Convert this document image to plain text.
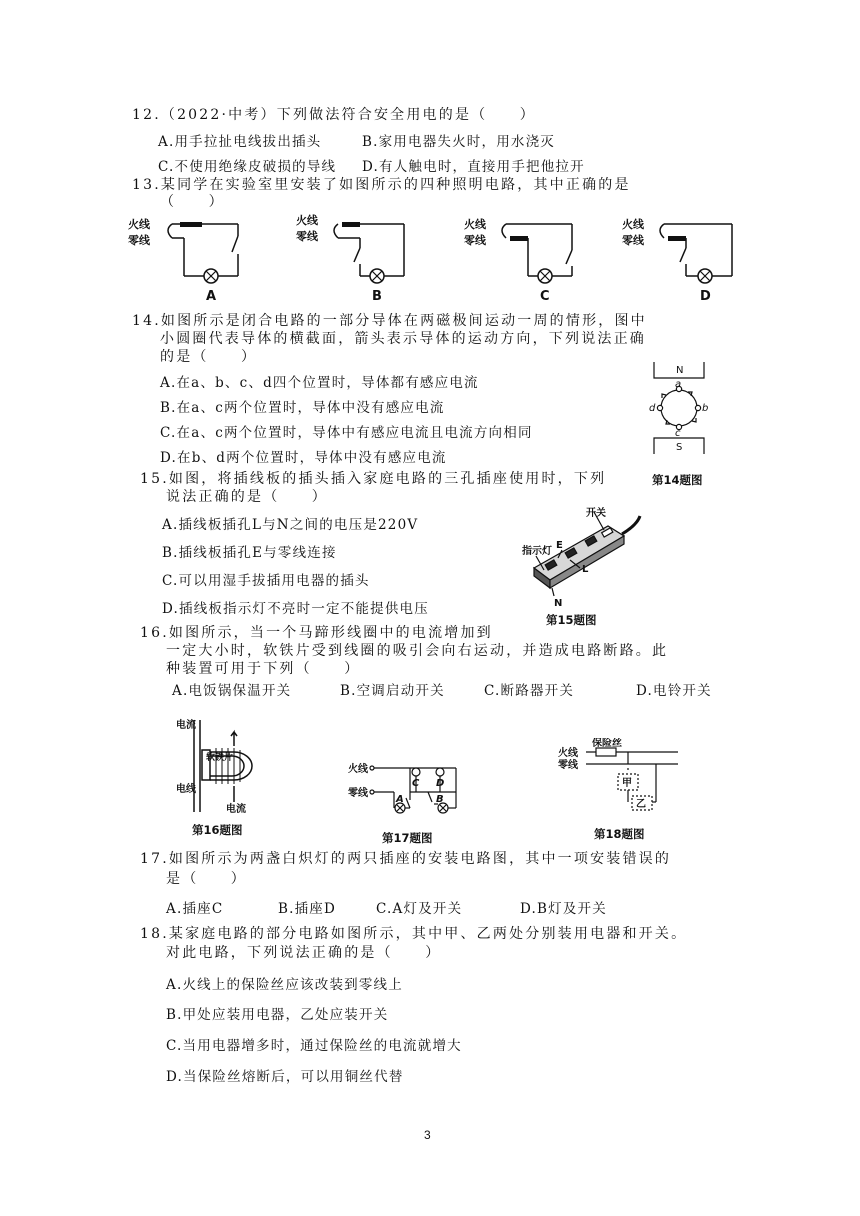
12.（2022·中考）下列做法符合安全用电的是（　　）
A.用手拉扯电线拔出插头	B.家用电器失火时，用水浇灭
C.不使用绝缘皮破损的导线 D.有人触电时，直接用手把他拉开
13.某同学在实验室里安装了如图所示的四种照明电路，其中正确的是
（　　）
火线
零线
A
火线
零线
B
火线
零线
C
火线
零线
D
14.如图所示是闭合电路的一部分导体在两磁极间运动一周的情形，图中
小圆圈代表导体的横截面，箭头表示导体的运动方向，下列说法正确
的是（　　）
A.在a、b、c、d四个位置时，导体都有感应电流
B.在a、c两个位置时，导体中没有感应电流
C.在a、c两个位置时，导体中有感应电流且电流方向相同
D.在b、d两个位置时，导体中没有感应电流
N
S
a
b
c
d
第14题图
15.如图，将插线板的插头插入家庭电路的三孔插座使用时，下列
说法正确的是（　　）
A.插线板插孔L与N之间的电压是220V
B.插线板插孔E与零线连接
C.可以用湿手拔插用电器的插头
D.插线板指示灯不亮时一定不能提供电压
开关
E
指示灯
L
N
第15题图
16.如图所示，当一个马蹄形线圈中的电流增加到
一定大小时，软铁片受到线圈的吸引会向右运动，并造成电路断路。此
种装置可用于下列（　　）
A.电饭锅保温开关	B.空调启动开关	C.断路器开关	D.电铃开关
电流
软铁片
电线
电流
第16题图
火线
零线
A	B
C D
第17题图
保险丝
火线
零线
甲
乙
第18题图
17.如图所示为两盏白炽灯的两只插座的安装电路图，其中一项安装错误的
是（　　）
A.插座C	B.插座D	C.A灯及开关	D.B灯及开关
18.某家庭电路的部分电路如图所示，其中甲、乙两处分别装用电器和开关。
对此电路，下列说法正确的是（　　）
A.火线上的保险丝应该改装到零线上
B.甲处应装用电器，乙处应装开关
C.当用电器增多时，通过保险丝的电流就增大
D.当保险丝熔断后，可以用铜丝代替
3
